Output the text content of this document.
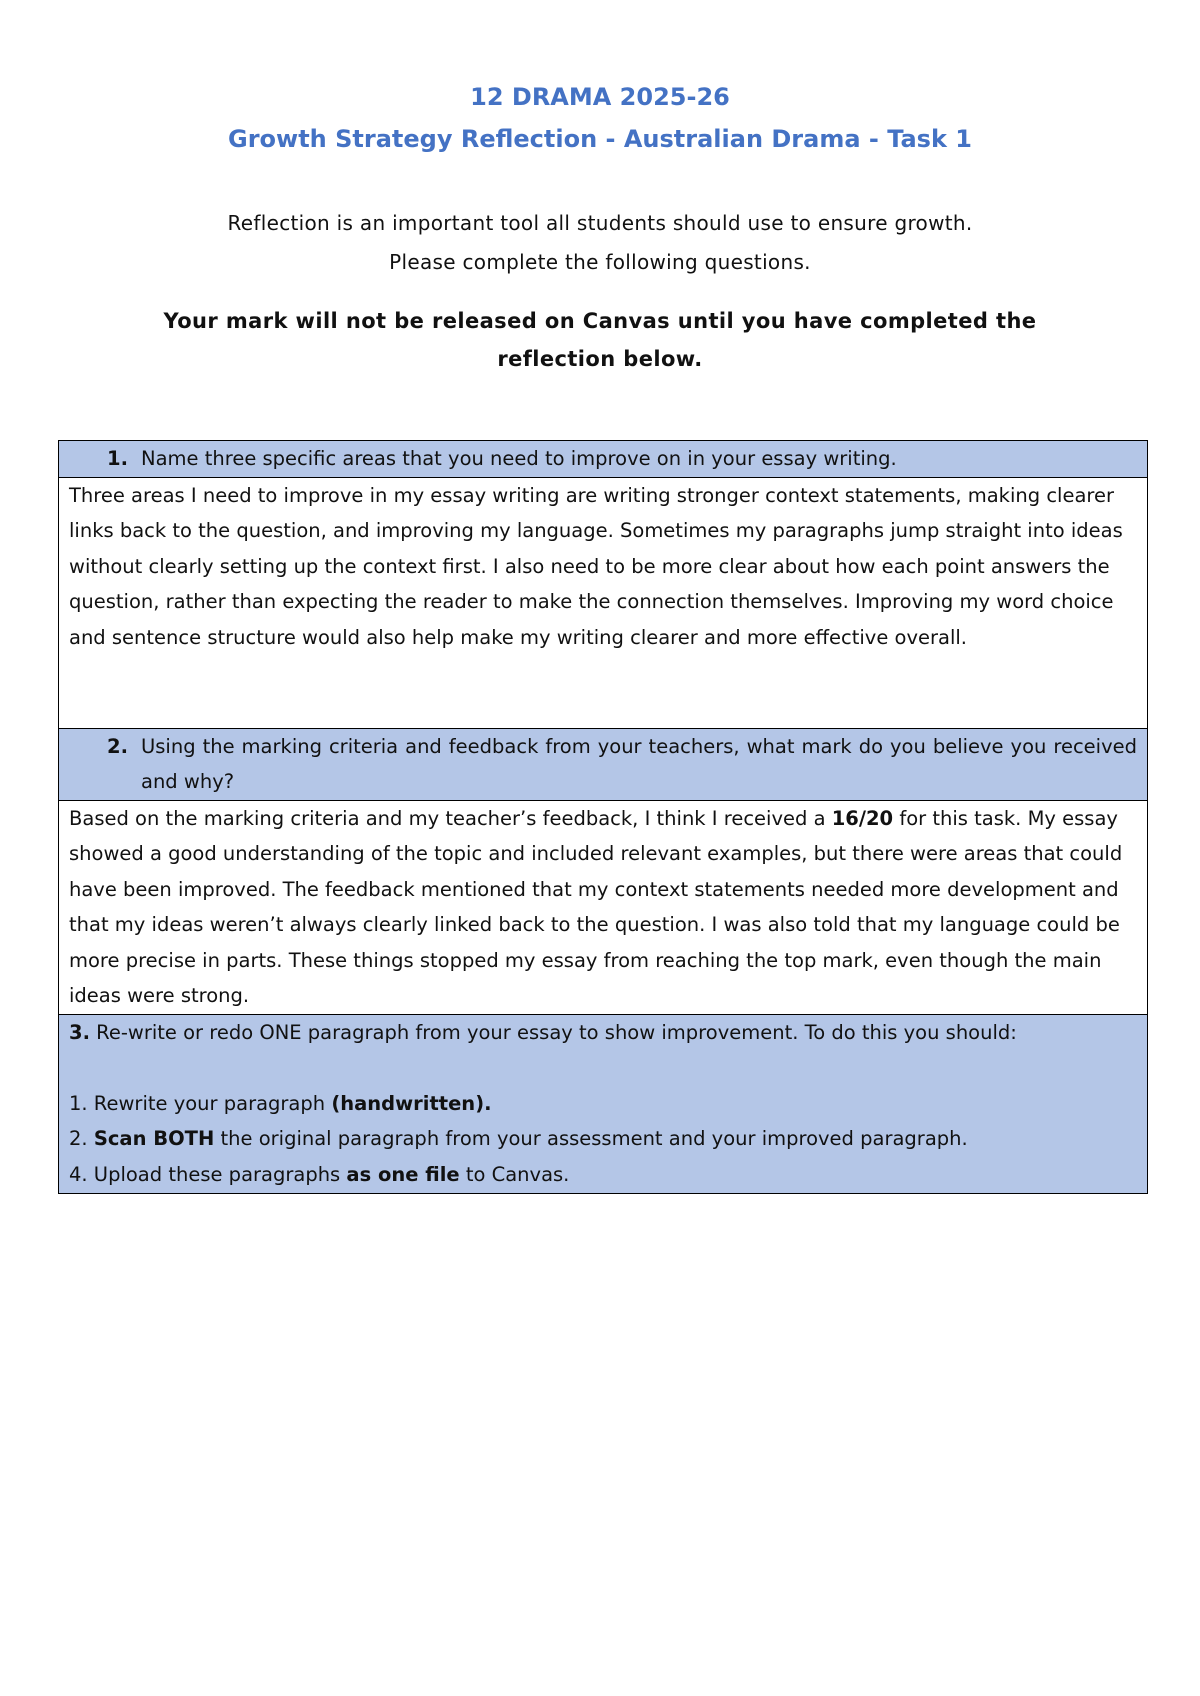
12 DRAMA 2025-26
Growth Strategy Reflection - Australian Drama - Task 1

Reflection is an important tool all students should use to ensure growth.

Please complete the following questions.

Your mark will not be released on Canvas until you have completed the reflection below.

1. Name three specific areas that you need to improve on in your essay writing.
Three areas I need to improve in my essay writing are writing stronger context statements, making clearer links back to the question, and improving my language. Sometimes my paragraphs jump straight into ideas without clearly setting up the context first. I also need to be more clear about how each point answers the question, rather than expecting the reader to make the connection themselves. Improving my word choice and sentence structure would also help make my writing clearer and more effective overall.

2. Using the marking criteria and feedback from your teachers, what mark do you believe you received and why?
Based on the marking criteria and my teacher’s feedback, I think I received a 16/20 for this task. My essay showed a good understanding of the topic and included relevant examples, but there were areas that could have been improved. The feedback mentioned that my context statements needed more development and that my ideas weren’t always clearly linked back to the question. I was also told that my language could be more precise in parts. These things stopped my essay from reaching the top mark, even though the main ideas were strong.

3. Re-write or redo ONE paragraph from your essay to show improvement. To do this you should:

1. Rewrite your paragraph (handwritten).

2. Scan BOTH the original paragraph from your assessment and your improved paragraph.

4. Upload these paragraphs as one file to Canvas.
